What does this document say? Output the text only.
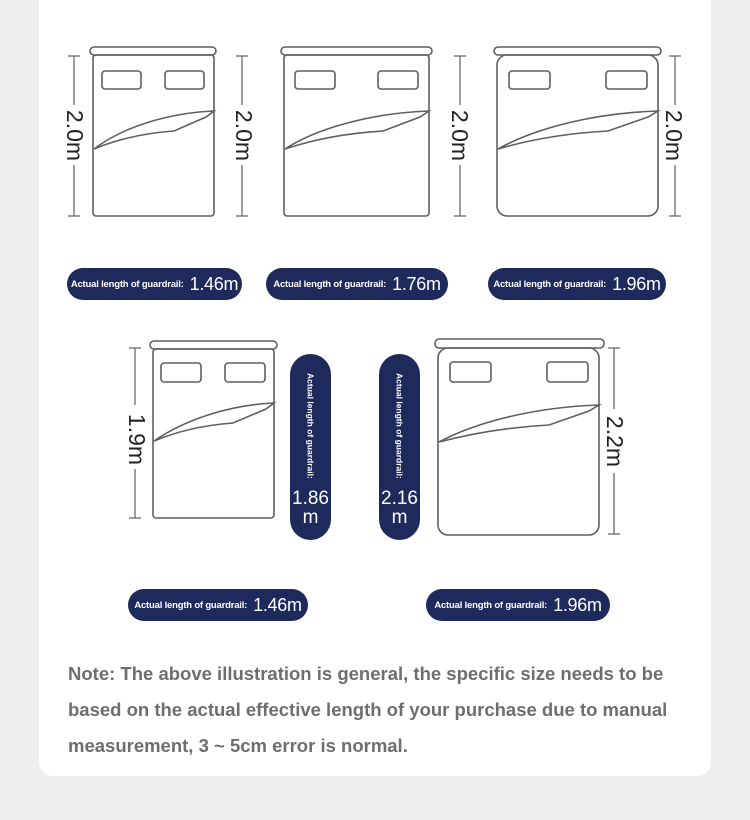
2.0m	2.0m
Actual length of guardrail: 1.46m
2.0m
Actual length of guardrail: 1.76m
2.0m
Actual length of guardrail: 1.96m
1.9m	Actual length of guardrail:
1.86
m
Actual length of guardrail:
2.16
m
2.2m
Actual length of guardrail: 1.46m	Actual length of guardrail: 1.96m
Note: The above illustration is general, the specific size needs to be based on the actual effective length of your purchase due to manual measurement, 3 ~ 5cm error is normal.
